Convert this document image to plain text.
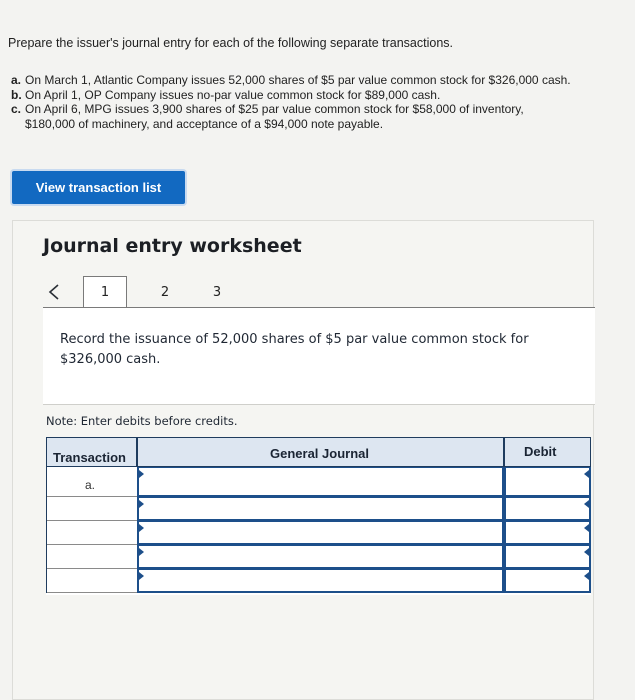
Prepare the issuer's journal entry for each of the following separate transactions.
a. On March 1, Atlantic Company issues 52,000 shares of $5 par value common stock for $326,000 cash.
b. On April 1, OP Company issues no-par value common stock for $89,000 cash.
c. On April 6, MPG issues 3,900 shares of $25 par value common stock for $58,000 of inventory,
$180,000 of machinery, and acceptance of a $94,000 note payable.
View transaction list
Journal entry worksheet
1	2	3
Record the issuance of 52,000 shares of $5 par value common stock for $326,000 cash.
Note: Enter debits before credits.
Transaction	General Journal	Debit
a.
